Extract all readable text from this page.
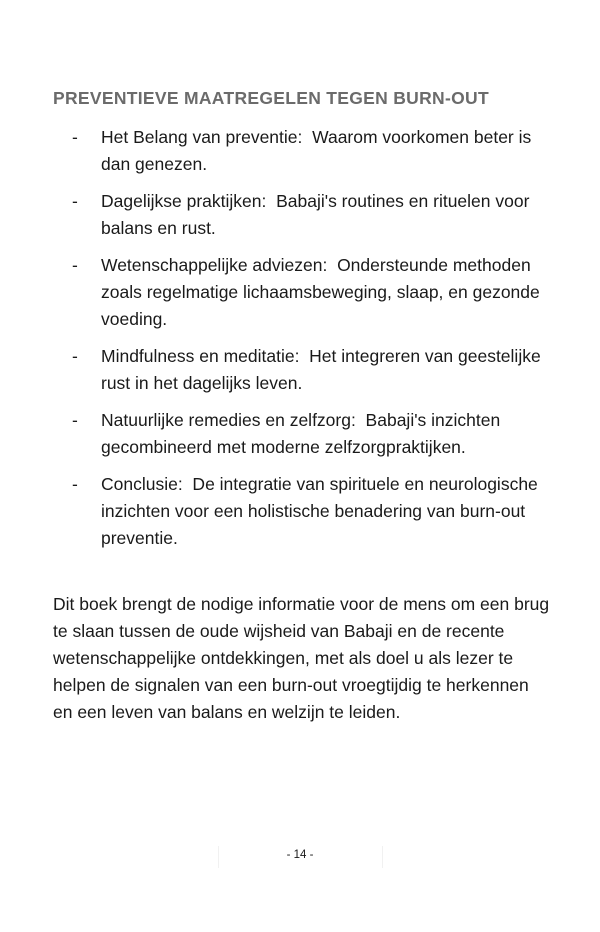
PREVENTIEVE MAATREGELEN TEGEN BURN-OUT
- Het Belang van preventie:  Waarom voorkomen beter is dan genezen.
- Dagelijkse praktijken:  Babaji's routines en rituelen voor balans en rust.
- Wetenschappelijke adviezen:  Ondersteunde methoden zoals regelmatige lichaamsbeweging, slaap, en gezonde voeding.
- Mindfulness en meditatie:  Het integreren van geestelijke rust in het dagelijks leven.
- Natuurlijke remedies en zelfzorg:  Babaji's inzichten gecombineerd met moderne zelfzorgpraktijken.
- Conclusie:  De integratie van spirituele en neurologische inzichten voor een holistische benadering van burn-out preventie.

Dit boek brengt de nodige informatie voor de mens om een brug te slaan tussen de oude wijsheid van Babaji en de recente wetenschappelijke ontdekkingen, met als doel u als lezer te helpen de signalen van een burn-out vroegtijdig te herkennen en een leven van balans en welzijn te leiden.

- 14 -
